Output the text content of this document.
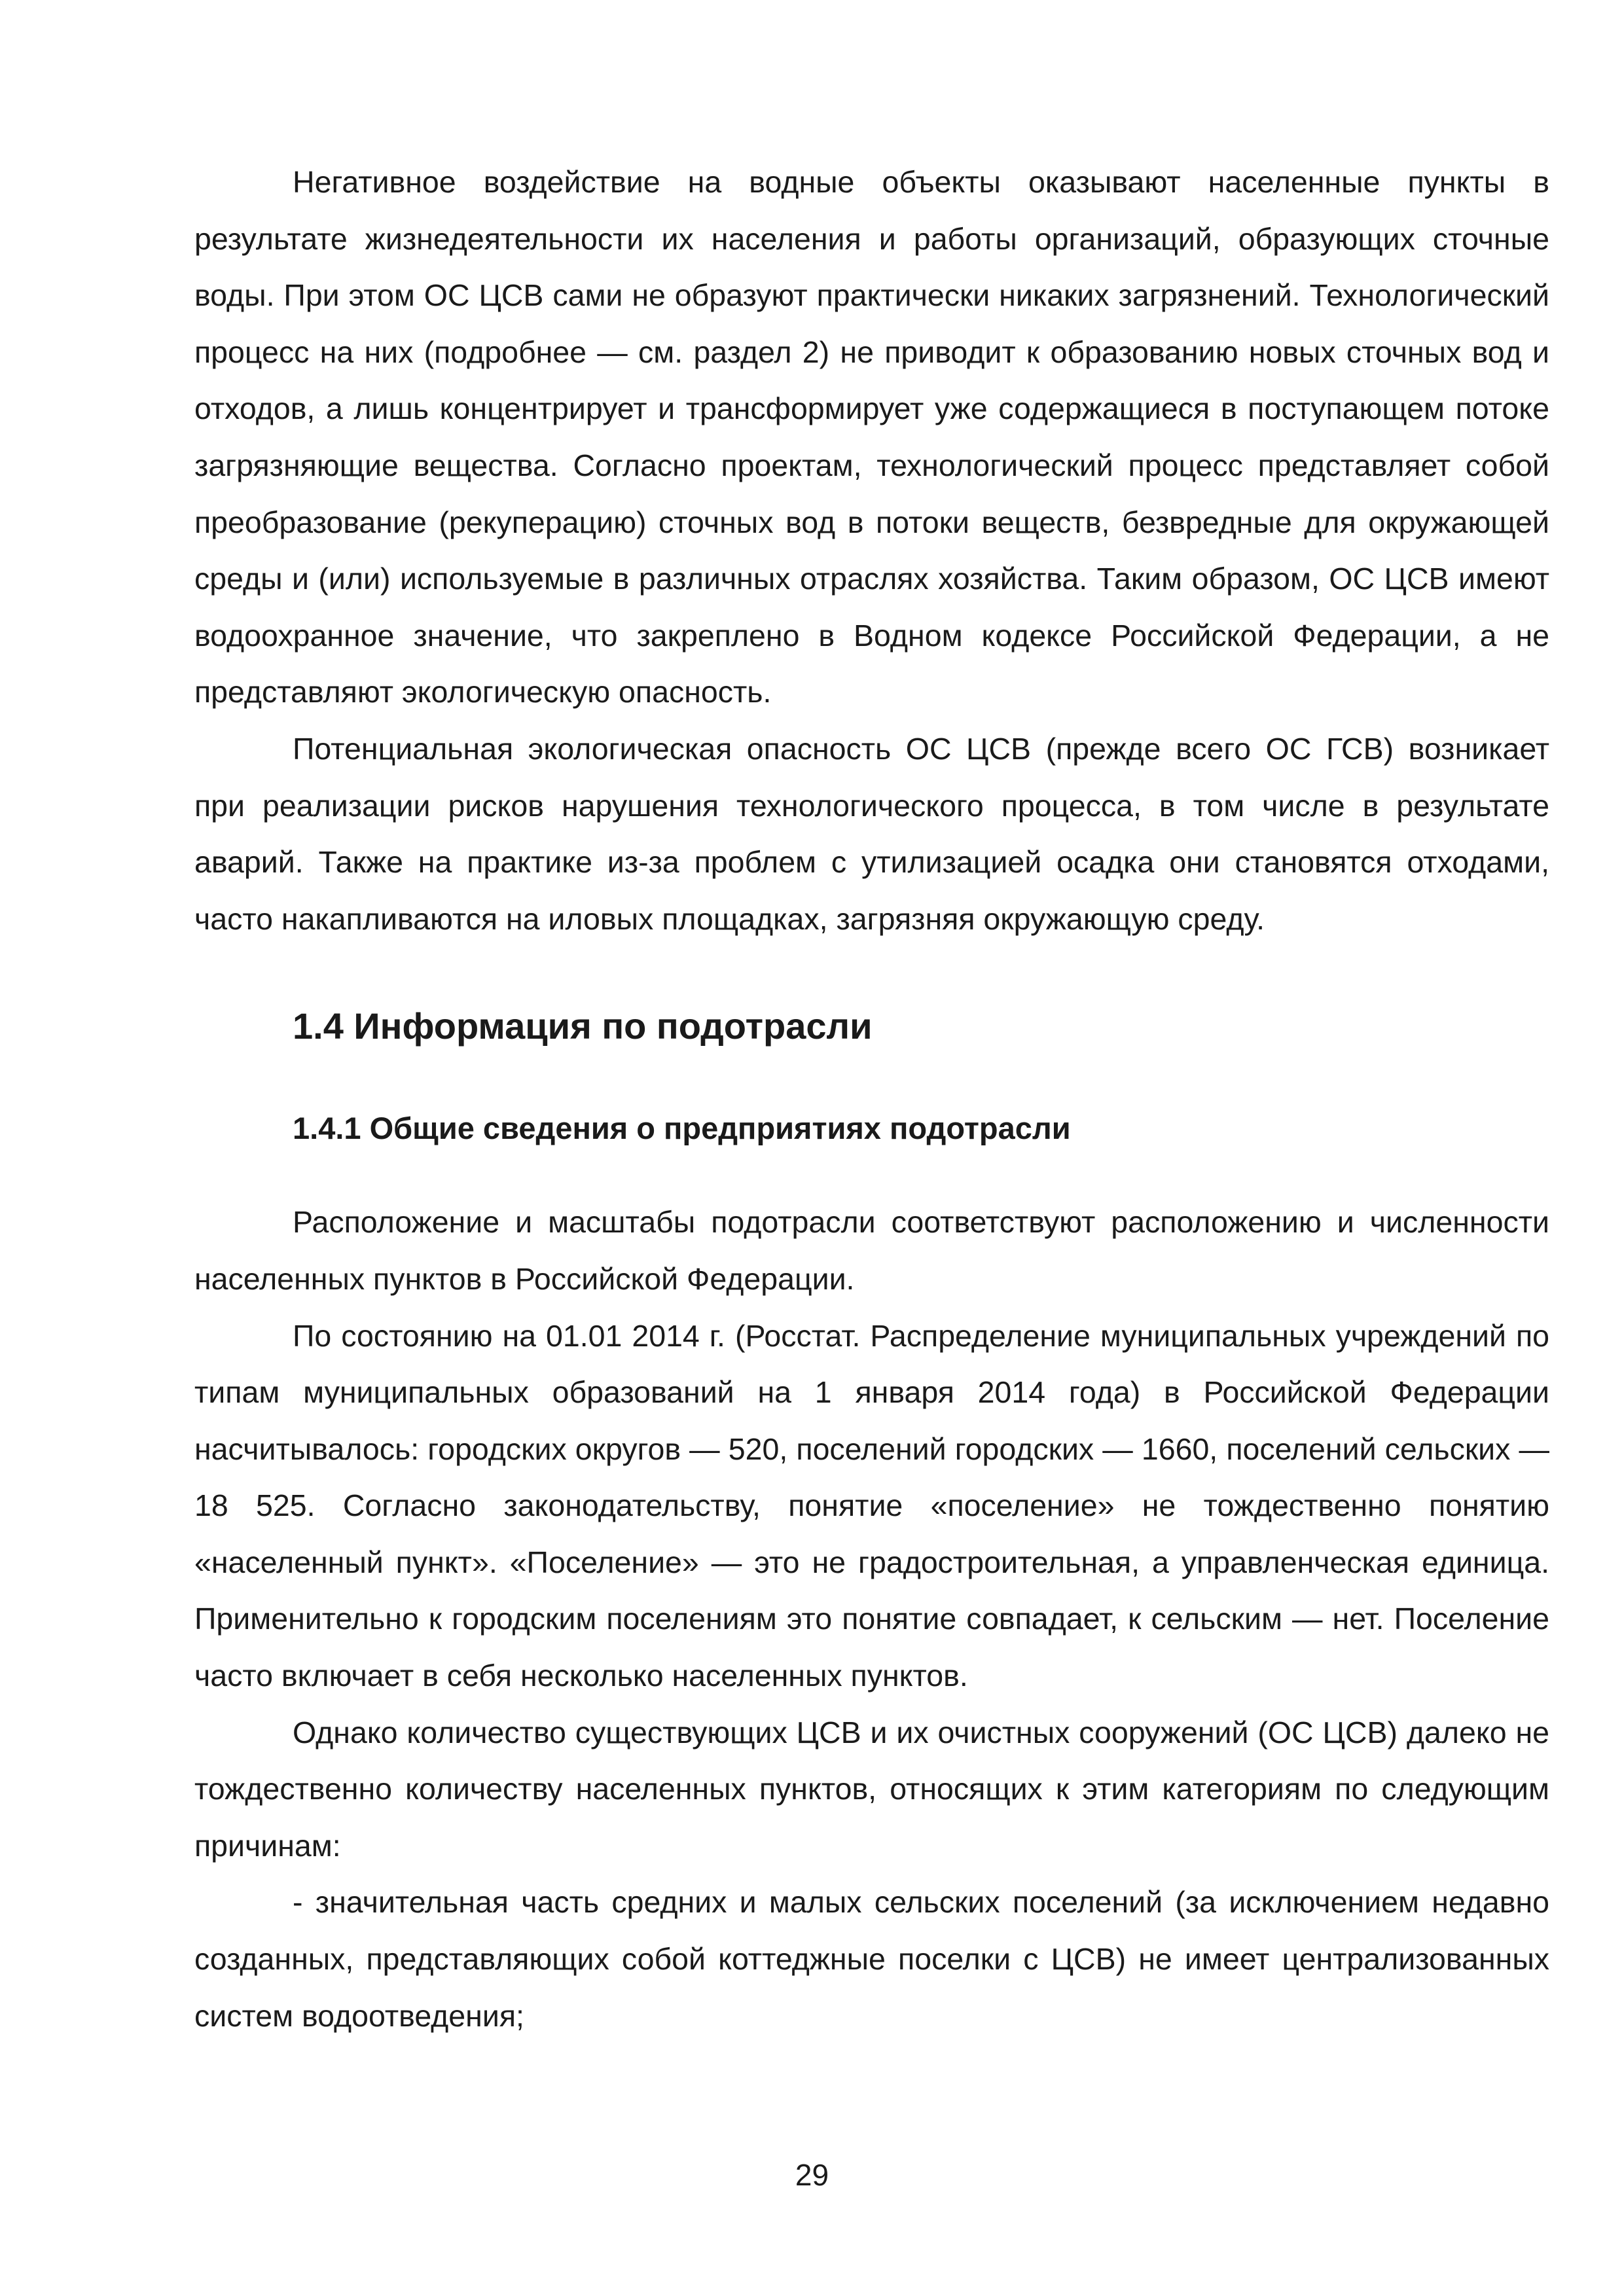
Негативное воздействие на водные объекты оказывают населенные пункты в результате жизнедеятельности их населения и работы организаций, образующих сточные воды. При этом ОС ЦСВ сами не образуют практически никаких загрязнений. Технологический процесс на них (подробнее — см. раздел 2) не приводит к образованию новых сточных вод и отходов, а лишь концентрирует и трансформирует уже содержащиеся в поступающем потоке загрязняющие вещества. Согласно проектам, технологический процесс представляет собой преобразование (рекуперацию) сточных вод в потоки веществ, безвредные для окружающей среды и (или) используемые в различных отраслях хозяйства. Таким образом, ОС ЦСВ имеют водоохранное значение, что закреплено в Водном кодексе Российской Федерации, а не представляют экологическую опасность.

Потенциальная экологическая опасность ОС ЦСВ (прежде всего ОС ГСВ) возникает при реализации рисков нарушения технологического процесса, в том числе в результате аварий. Также на практике из-за проблем с утилизацией осадка они становятся отходами, часто накапливаются на иловых площадках, загрязняя окружающую среду.

1.4 Информация по подотрасли
1.4.1 Общие сведения о предприятиях подотрасли

Расположение и масштабы подотрасли соответствуют расположению и численности населенных пунктов в Российской Федерации.

По состоянию на 01.01 2014 г. (Росстат. Распределение муниципальных учреждений по типам муниципальных образований на 1 января 2014 года) в Российской Федерации насчитывалось: городских округов — 520, поселений городских — 1660, поселений сельских — 18 525. Согласно законодательству, понятие «поселение» не тождественно понятию «населенный пункт». «Поселение» — это не градостроительная, а управленческая единица. Применительно к городским поселениям это понятие совпадает, к сельским — нет. Поселение часто включает в себя несколько населенных пунктов.

Однако количество существующих ЦСВ и их очистных сооружений (ОС ЦСВ) далеко не тождественно количеству населенных пунктов, относящих к этим категориям по следующим причинам:

- значительная часть средних и малых сельских поселений (за исключением недавно созданных, представляющих собой коттеджные поселки с ЦСВ) не имеет централизованных систем водоотведения;

29
